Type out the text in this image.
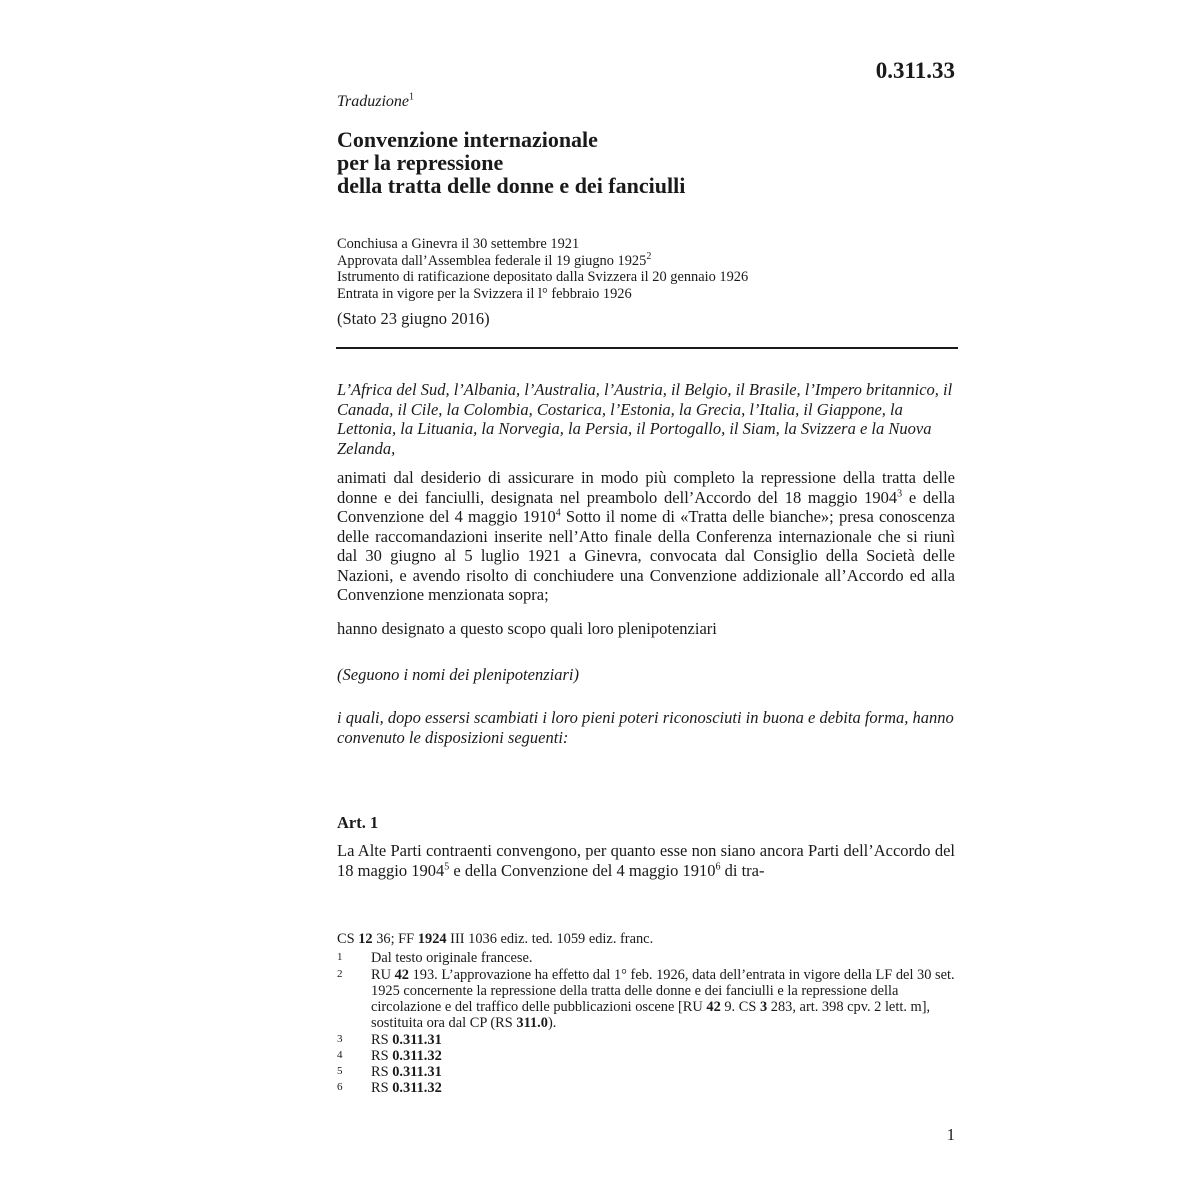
0.311.33
Traduzione$^1$
Convenzione internazionale
per la repressione
della tratta delle donne e dei fanciulli
Conchiusa a Ginevra il 30 settembre 1921
Approvata dall’Assemblea federale il 19 giugno 1925$^2$
Istrumento di ratificazione depositato dalla Svizzera il 20 gennaio 1926
Entrata in vigore per la Svizzera il l° febbraio 1926
(Stato 23 giugno 2016)
L’Africa del Sud, l’Albania, l’Australia, l’Austria, il Belgio, il Brasile, l’Impero britannico, il Canada, il Cile, la Colombia, Costarica, l’Estonia, la Grecia, l’Italia, il Giappone, la Lettonia, la Lituania, la Norvegia, la Persia, il Portogallo, il Siam, la Svizzera e la Nuova Zelanda,
animati dal desiderio di assicurare in modo più completo la repressione della tratta delle donne e dei fanciulli, designata nel preambolo dell’Accordo del 18 maggio 1904$^3$ e della Convenzione del 4 maggio 1910$^4$ Sotto il nome di «Tratta delle bianche»; presa conoscenza delle raccomandazioni inserite nell’Atto finale della Conferenza internazionale che si riunì dal 30 giugno al 5 luglio 1921 a Ginevra, convocata dal Consiglio della Società delle Nazioni, e avendo risolto di conchiudere una Convenzione addizionale all’Accordo ed alla Convenzione menzionata sopra;
hanno designato a questo scopo quali loro plenipotenziari
(Seguono i nomi dei plenipotenziari)
i quali, dopo essersi scambiati i loro pieni poteri riconosciuti in buona e debita forma, hanno convenuto le disposizioni seguenti:
Art. 1
La Alte Parti contraenti convengono, per quanto esse non siano ancora Parti dell’Accordo del 18 maggio 1904$^5$ e della Convenzione del 4 maggio 1910$^6$ di tra-
CS 12 36; FF 1924 III 1036 ediz. ted. 1059 ediz. franc.
1	Dal testo originale francese.
2	RU 42 193. L’approvazione ha effetto dal 1° feb. 1926, data dell’entrata in vigore della LF del 30 set. 1925 concernente la repressione della tratta delle donne e dei fanciulli e la repressione della circolazione e del traffico delle pubblicazioni oscene [RU 42 9. CS 3 283, art. 398 cpv. 2 lett. m], sostituita ora dal CP (RS 311.0).
3	RS 0.311.31
4	RS 0.311.32
5	RS 0.311.31
6	RS 0.311.32
1
